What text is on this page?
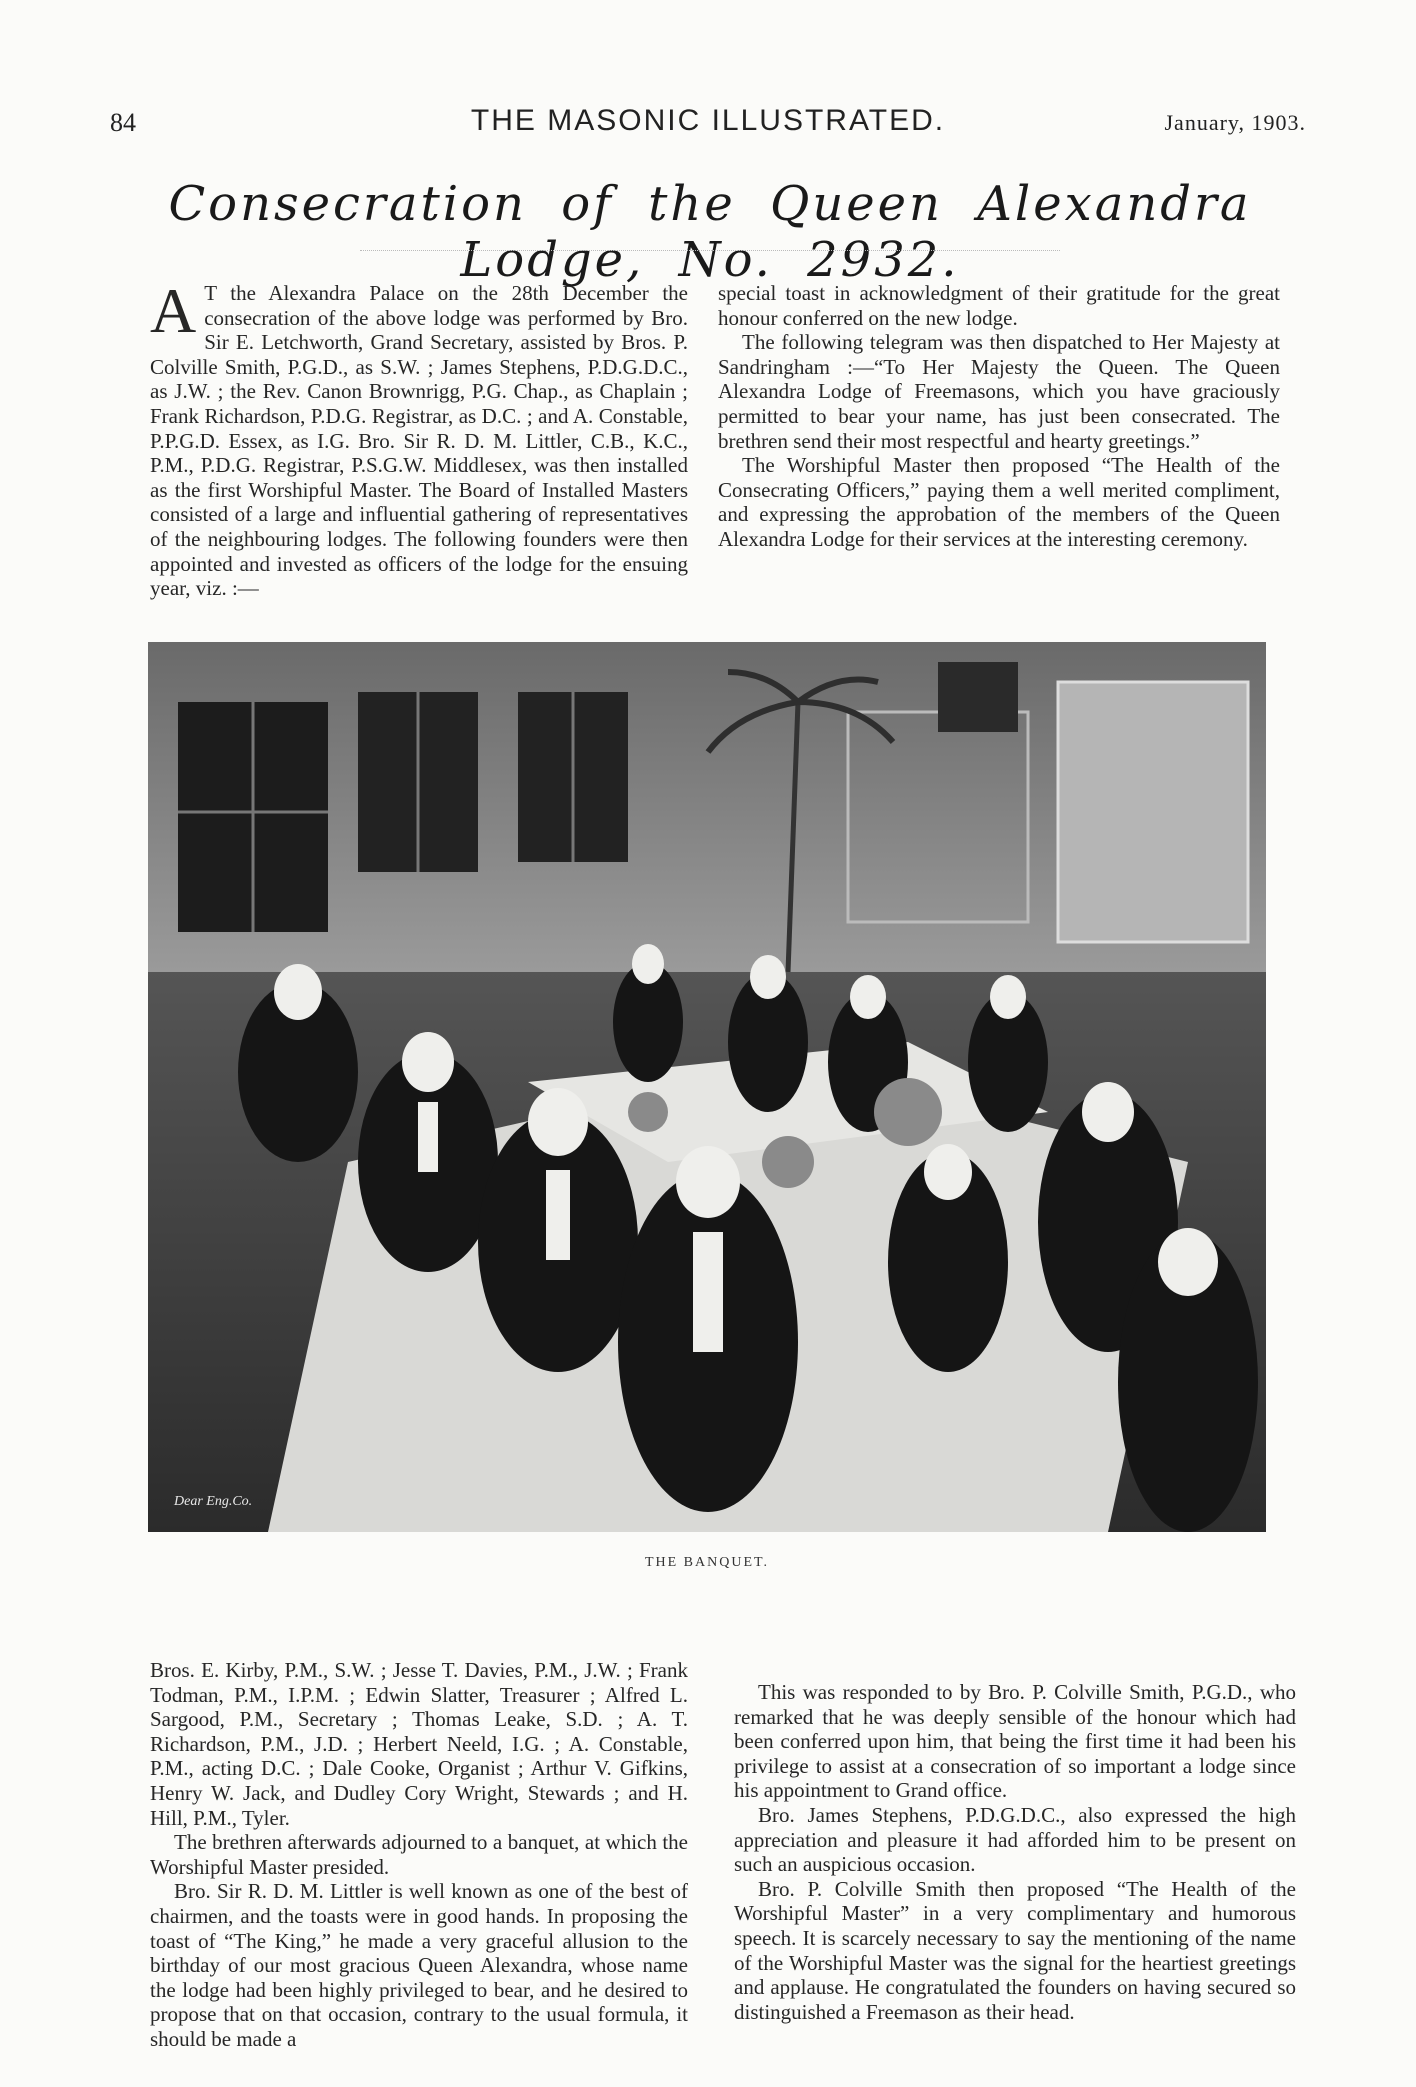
84	THE MASONIC ILLUSTRATED.	January, 1903.
Consecration of the Queen Alexandra Lodge, No. 2932.

A T the Alexandra Palace on the 28th December the consecration of the above lodge was performed by Bro. Sir E. Letchworth, Grand Secretary, assisted by Bros. P. Colville Smith, P.G.D., as S.W. ; James Stephens, P.D.G.D.C., as J.W. ; the Rev. Canon Brownrigg, P.G. Chap., as Chaplain ; Frank Richardson, P.D.G. Registrar, as D.C. ; and A. Constable, P.P.G.D. Essex, as I.G. Bro. Sir R. D. M. Littler, C.B., K.C., P.M., P.D.G. Registrar, P.S.G.W. Middlesex, was then installed as the first Worshipful Master. The Board of Installed Masters consisted of a large and influential gathering of representatives of the neighbouring lodges. The following founders were then appointed and invested as officers of the lodge for the ensuing year, viz. :—

special toast in acknowledgment of their gratitude for the great honour conferred on the new lodge.

The following telegram was then dispatched to Her Majesty at Sandringham :—“To Her Majesty the Queen. The Queen Alexandra Lodge of Freemasons, which you have graciously permitted to bear your name, has just been consecrated. The brethren send their most respectful and hearty greetings.”

The Worshipful Master then proposed “The Health of the Consecrating Officers,” paying them a well merited compliment, and expressing the approbation of the members of the Queen Alexandra Lodge for their services at the interesting ceremony.

Dear Eng.Co.
THE BANQUET.

Bros. E. Kirby, P.M., S.W. ; Jesse T. Davies, P.M., J.W. ; Frank Todman, P.M., I.P.M. ; Edwin Slatter, Treasurer ; Alfred L. Sargood, P.M., Secretary ; Thomas Leake, S.D. ; A. T. Richardson, P.M., J.D. ; Herbert Neeld, I.G. ; A. Constable, P.M., acting D.C. ; Dale Cooke, Organist ; Arthur V. Gifkins, Henry W. Jack, and Dudley Cory Wright, Stewards ; and H. Hill, P.M., Tyler.

The brethren afterwards adjourned to a banquet, at which the Worshipful Master presided.

Bro. Sir R. D. M. Littler is well known as one of the best of chairmen, and the toasts were in good hands. In proposing the toast of “The King,” he made a very graceful allusion to the birthday of our most gracious Queen Alexandra, whose name the lodge had been highly privileged to bear, and he desired to propose that on that occasion, contrary to the usual formula, it should be made a

This was responded to by Bro. P. Colville Smith, P.G.D., who remarked that he was deeply sensible of the honour which had been conferred upon him, that being the first time it had been his privilege to assist at a consecration of so important a lodge since his appointment to Grand office.

Bro. James Stephens, P.D.G.D.C., also expressed the high appreciation and pleasure it had afforded him to be present on such an auspicious occasion.

Bro. P. Colville Smith then proposed “The Health of the Worshipful Master” in a very complimentary and humorous speech. It is scarcely necessary to say the mentioning of the name of the Worshipful Master was the signal for the heartiest greetings and applause. He congratulated the founders on having secured so distinguished a Freemason as their head.
